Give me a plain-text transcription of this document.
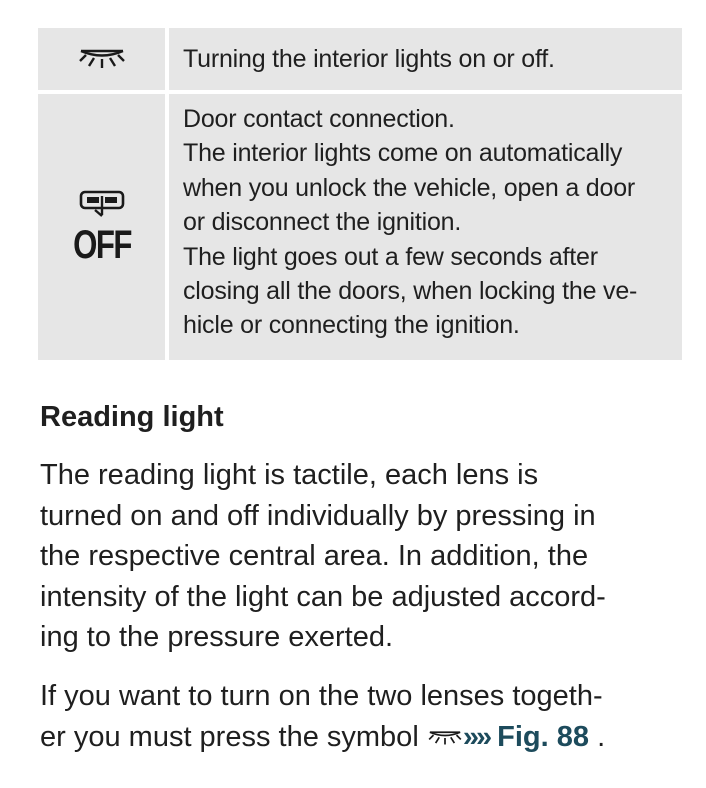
Turning the interior lights on or off.
OFF
Door contact connection.
The interior lights come on automatically
when you unlock the vehicle, open a door
or disconnect the ignition.
The light goes out a few seconds after
closing all the doors, when locking the ve-
hicle or connecting the ignition.
Reading light

The reading light is tactile, each lens is
turned on and off individually by pressing in
the respective central area. In addition, the
intensity of the light can be adjusted accord-
ing to the pressure exerted.

If you want to turn on the two lenses togeth-
er you must press the symbol »» Fig. 88 .
